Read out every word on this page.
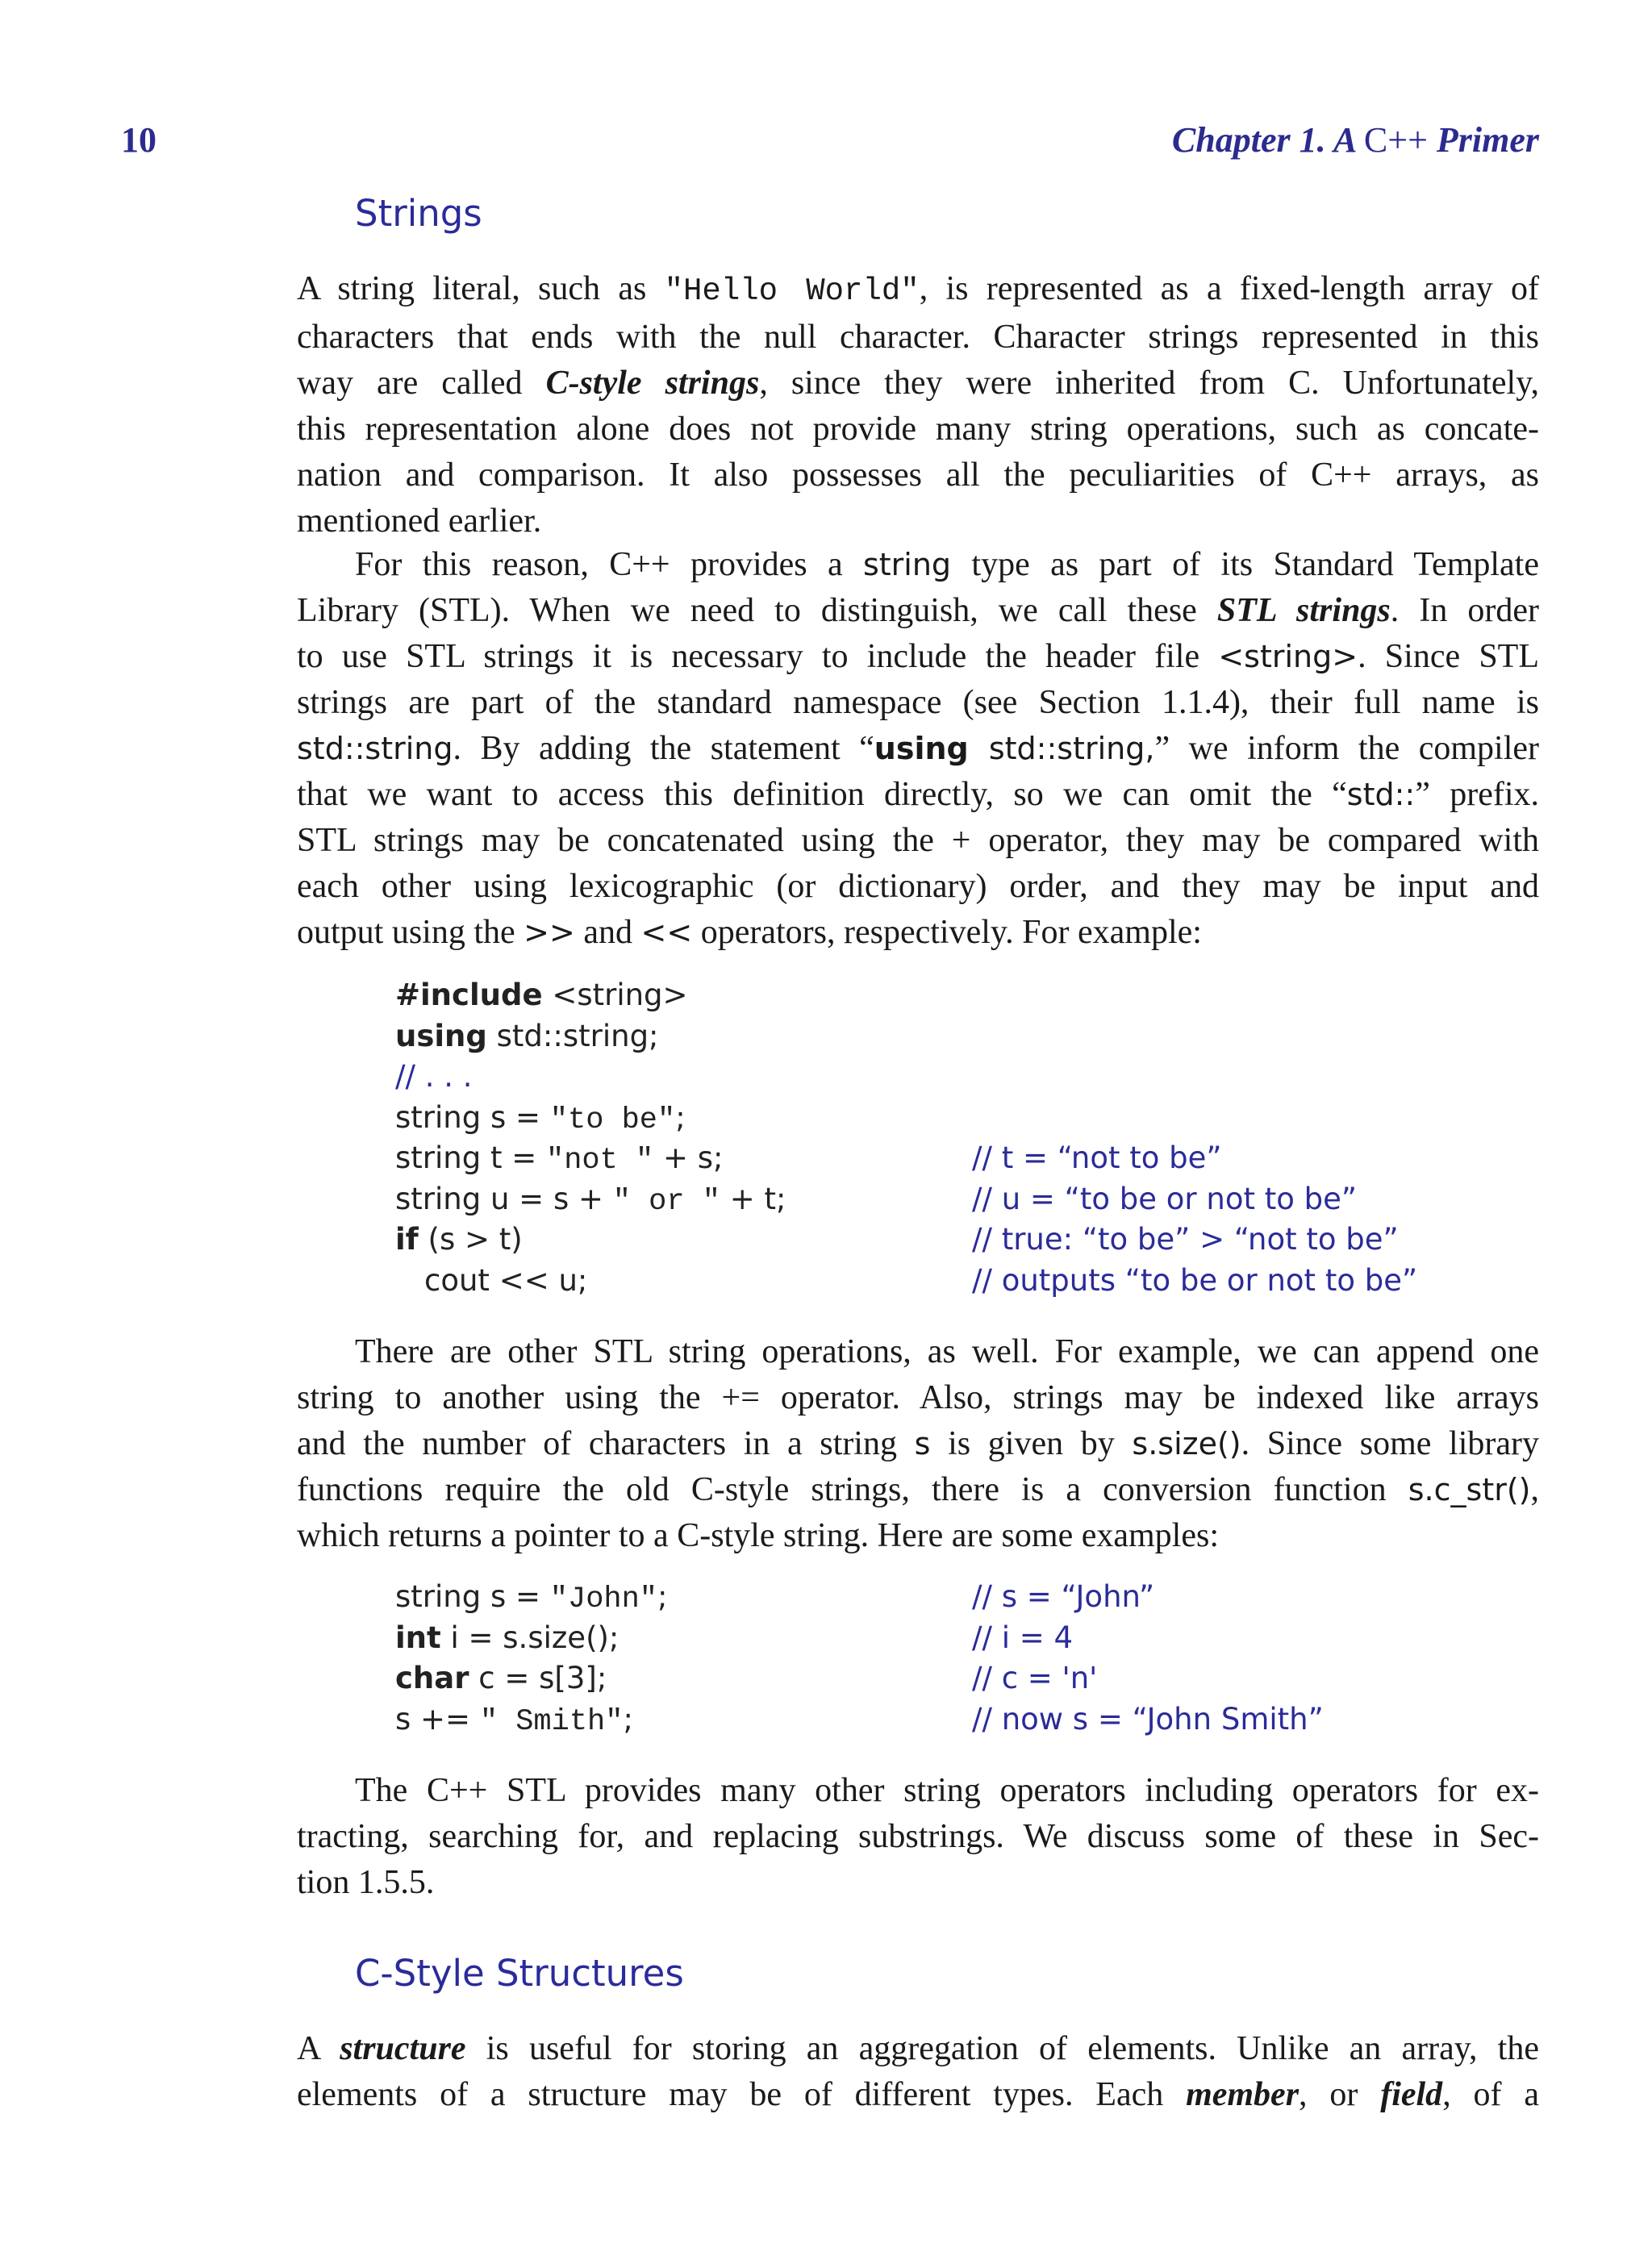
10	Chapter 1. A C++ Primer
Strings

A string literal, such as "Hello World", is represented as a fixed-length array of
characters that ends with the null character. Character strings represented in this
way are called C-style strings, since they were inherited from C. Unfortunately,
this representation alone does not provide many string operations, such as concate-
nation and comparison. It also possesses all the peculiarities of C++ arrays, as
mentioned earlier.

For this reason, C++ provides a string type as part of its Standard Template
Library (STL). When we need to distinguish, we call these STL strings. In order
to use STL strings it is necessary to include the header file <string>. Since STL
strings are part of the standard namespace (see Section 1.1.4), their full name is
std::string. By adding the statement “using std::string,” we inform the compiler
that we want to access this definition directly, so we can omit the “std::” prefix.
STL strings may be concatenated using the + operator, they may be compared with
each other using lexicographic (or dictionary) order, and they may be input and
output using the >> and << operators, respectively. For example:

#include <string>
using std::string;
// . . .
string s = "to be";
string t = "not " + s;	// t = “not to be”
string u = s + " or " + t;	// u = “to be or not to be”
if (s > t)	// true: “to be” > “not to be”
cout << u;	// outputs “to be or not to be”

There are other STL string operations, as well. For example, we can append one
string to another using the += operator. Also, strings may be indexed like arrays
and the number of characters in a string s is given by s.size(). Since some library
functions require the old C-style strings, there is a conversion function s.c_str(),
which returns a pointer to a C-style string. Here are some examples:

string s = "John";	// s = “John”
int i = s.size();	// i = 4
char c = s[3];	// c = 'n'
s += " Smith";	// now s = “John Smith”

The C++ STL provides many other string operators including operators for ex-
tracting, searching for, and replacing substrings. We discuss some of these in Sec-
tion 1.5.5.

C-Style Structures

A structure is useful for storing an aggregation of elements. Unlike an array, the
elements of a structure may be of different types. Each member, or field, of a
